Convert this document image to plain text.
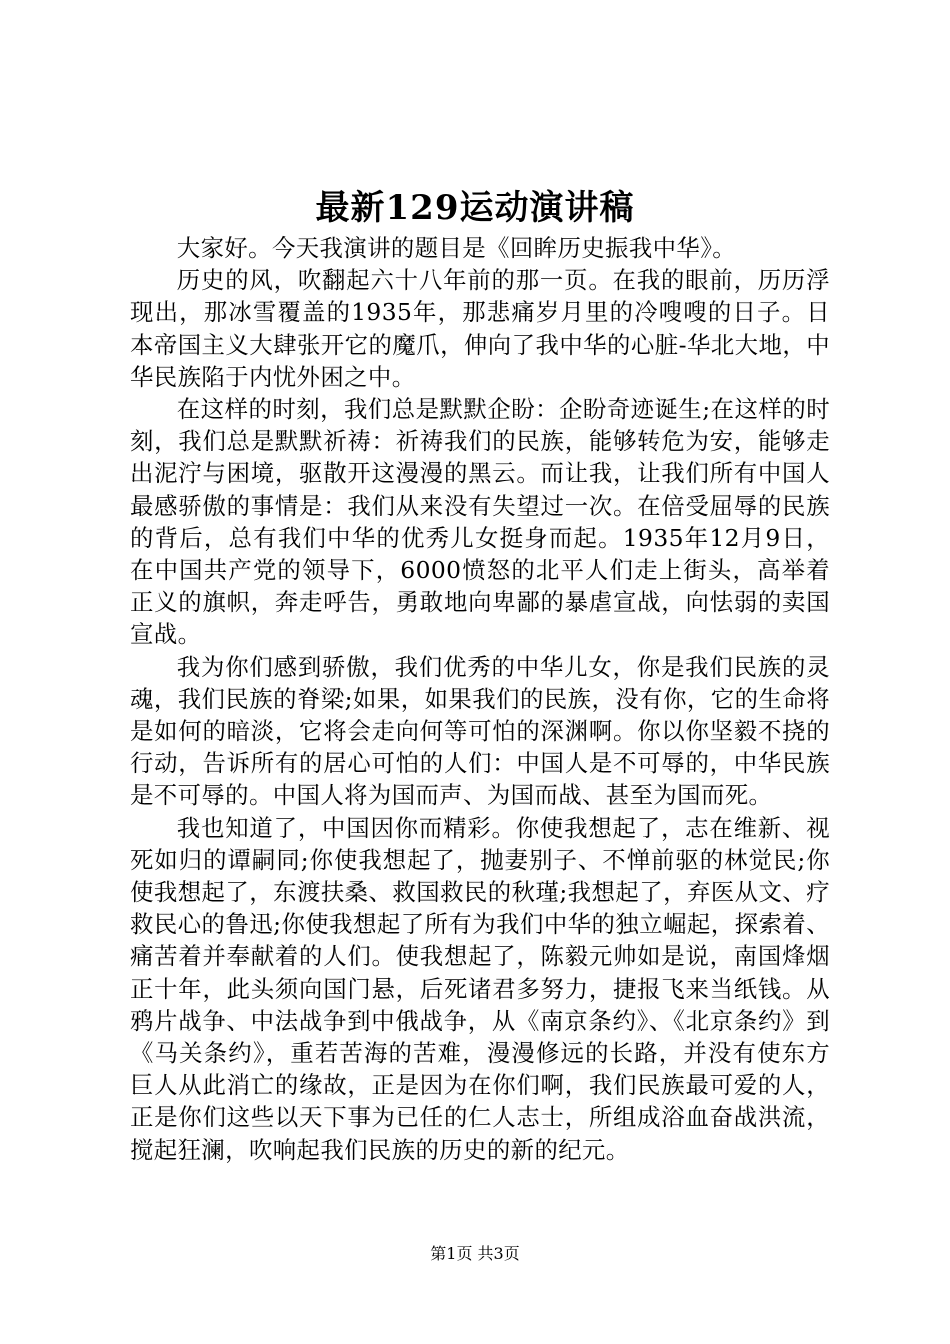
最新129运动演讲稿

大家好。今天我演讲的题目是《回眸历史振我中华》。

历史的风，吹翻起六十八年前的那一页。在我的眼前，历历浮现出，那冰雪覆盖的1935年，那悲痛岁月里的冷嗖嗖的日子。日本帝国主义大肆张开它的魔爪，伸向了我中华的心脏-华北大地，中华民族陷于内忧外困之中。

在这样的时刻，我们总是默默企盼：企盼奇迹诞生;在这样的时刻，我们总是默默祈祷：祈祷我们的民族，能够转危为安，能够走出泥泞与困境，驱散开这漫漫的黑云。而让我，让我们所有中国人最感骄傲的事情是：我们从来没有失望过一次。在倍受屈辱的民族的背后，总有我们中华的优秀儿女挺身而起。1935年12月9日，在中国共产党的领导下，6000愤怒的北平人们走上街头，高举着正义的旗帜，奔走呼告，勇敢地向卑鄙的暴虐宣战，向怯弱的卖国宣战。

我为你们感到骄傲，我们优秀的中华儿女，你是我们民族的灵魂，我们民族的脊梁;如果，如果我们的民族，没有你，它的生命将是如何的暗淡，它将会走向何等可怕的深渊啊。你以你坚毅不挠的行动，告诉所有的居心可怕的人们：中国人是不可辱的，中华民族是不可辱的。中国人将为国而声、为国而战、甚至为国而死。

我也知道了，中国因你而精彩。你使我想起了，志在维新、视死如归的谭嗣同;你使我想起了，抛妻别子、不惮前驱的林觉民;你使我想起了，东渡扶桑、救国救民的秋瑾;我想起了，弃医从文、疗救民心的鲁迅;你使我想起了所有为我们中华的独立崛起，探索着、痛苦着并奉献着的人们。使我想起了，陈毅元帅如是说，南国烽烟正十年，此头须向国门悬，后死诸君多努力，捷报飞来当纸钱。从鸦片战争、中法战争到中俄战争，从《南京条约》、《北京条约》到《马关条约》，重若苦海的苦难，漫漫修远的长路，并没有使东方巨人从此消亡的缘故，正是因为在你们啊，我们民族最可爱的人，正是你们这些以天下事为已任的仁人志士，所组成浴血奋战洪流，搅起狂澜，吹响起我们民族的历史的新的纪元。

第1页 共3页
